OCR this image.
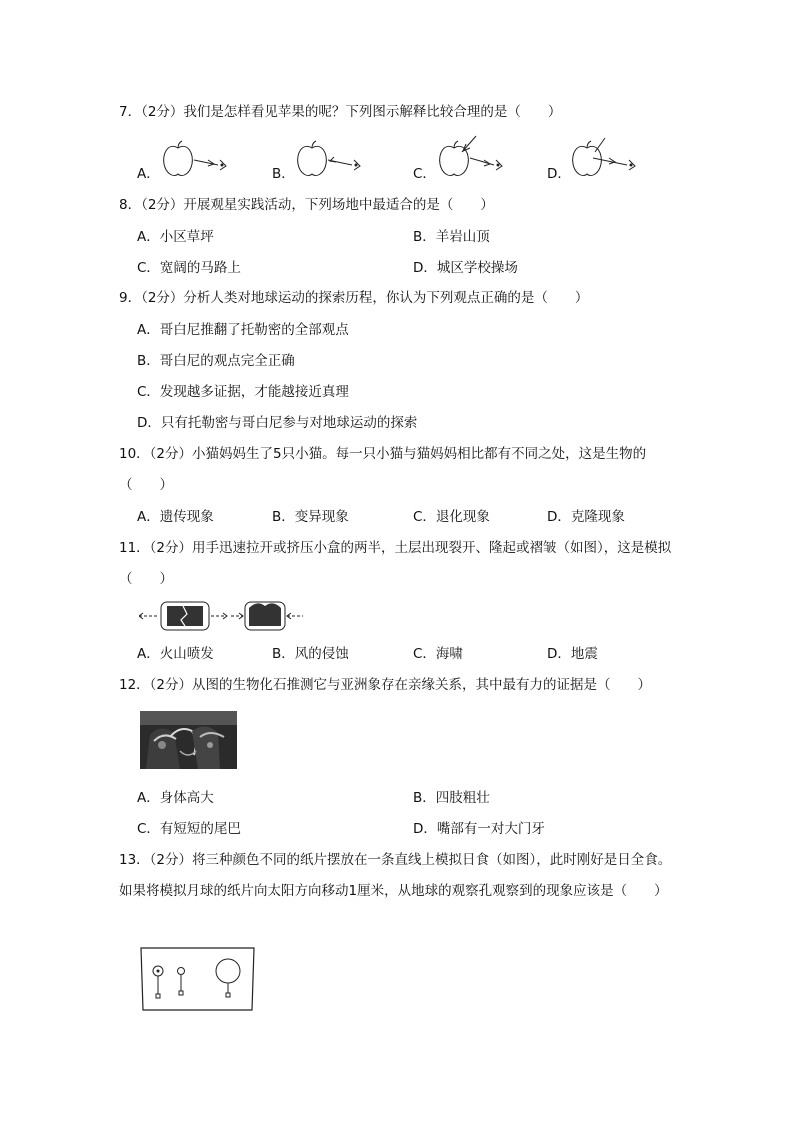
7．（2分）我们是怎样看见苹果的呢？下列图示解释比较合理的是（　　）
A．	B．	C．	D．
8．（2分）开展观星实践活动，下列场地中最适合的是（　　）
A．小区草坪	B．羊岩山顶
C．宽阔的马路上	D．城区学校操场
9．（2分）分析人类对地球运动的探索历程，你认为下列观点正确的是（　　）
A．哥白尼推翻了托勒密的全部观点
B．哥白尼的观点完全正确
C．发现越多证据，才能越接近真理
D．只有托勒密与哥白尼参与对地球运动的探索
10．（2分）小猫妈妈生了5只小猫。每一只小猫与猫妈妈相比都有不同之处，这是生物的（　　）
A．遗传现象	B．变异现象	C．退化现象	D．克隆现象
11．（2分）用手迅速拉开或挤压小盒的两半，土层出现裂开、隆起或褶皱（如图），这是模拟（　　）
A．火山喷发	B．风的侵蚀	C．海啸	D．地震
12．（2分）从图的生物化石推测它与亚洲象存在亲缘关系，其中最有力的证据是（　　）
A．身体高大	B．四肢粗壮
C．有短短的尾巴	D．嘴部有一对大门牙
13．（2分）将三种颜色不同的纸片摆放在一条直线上模拟日食（如图），此时刚好是日全食。如果将模拟月球的纸片向太阳方向移动1厘米，从地球的观察孔观察到的现象应该是（　　）
